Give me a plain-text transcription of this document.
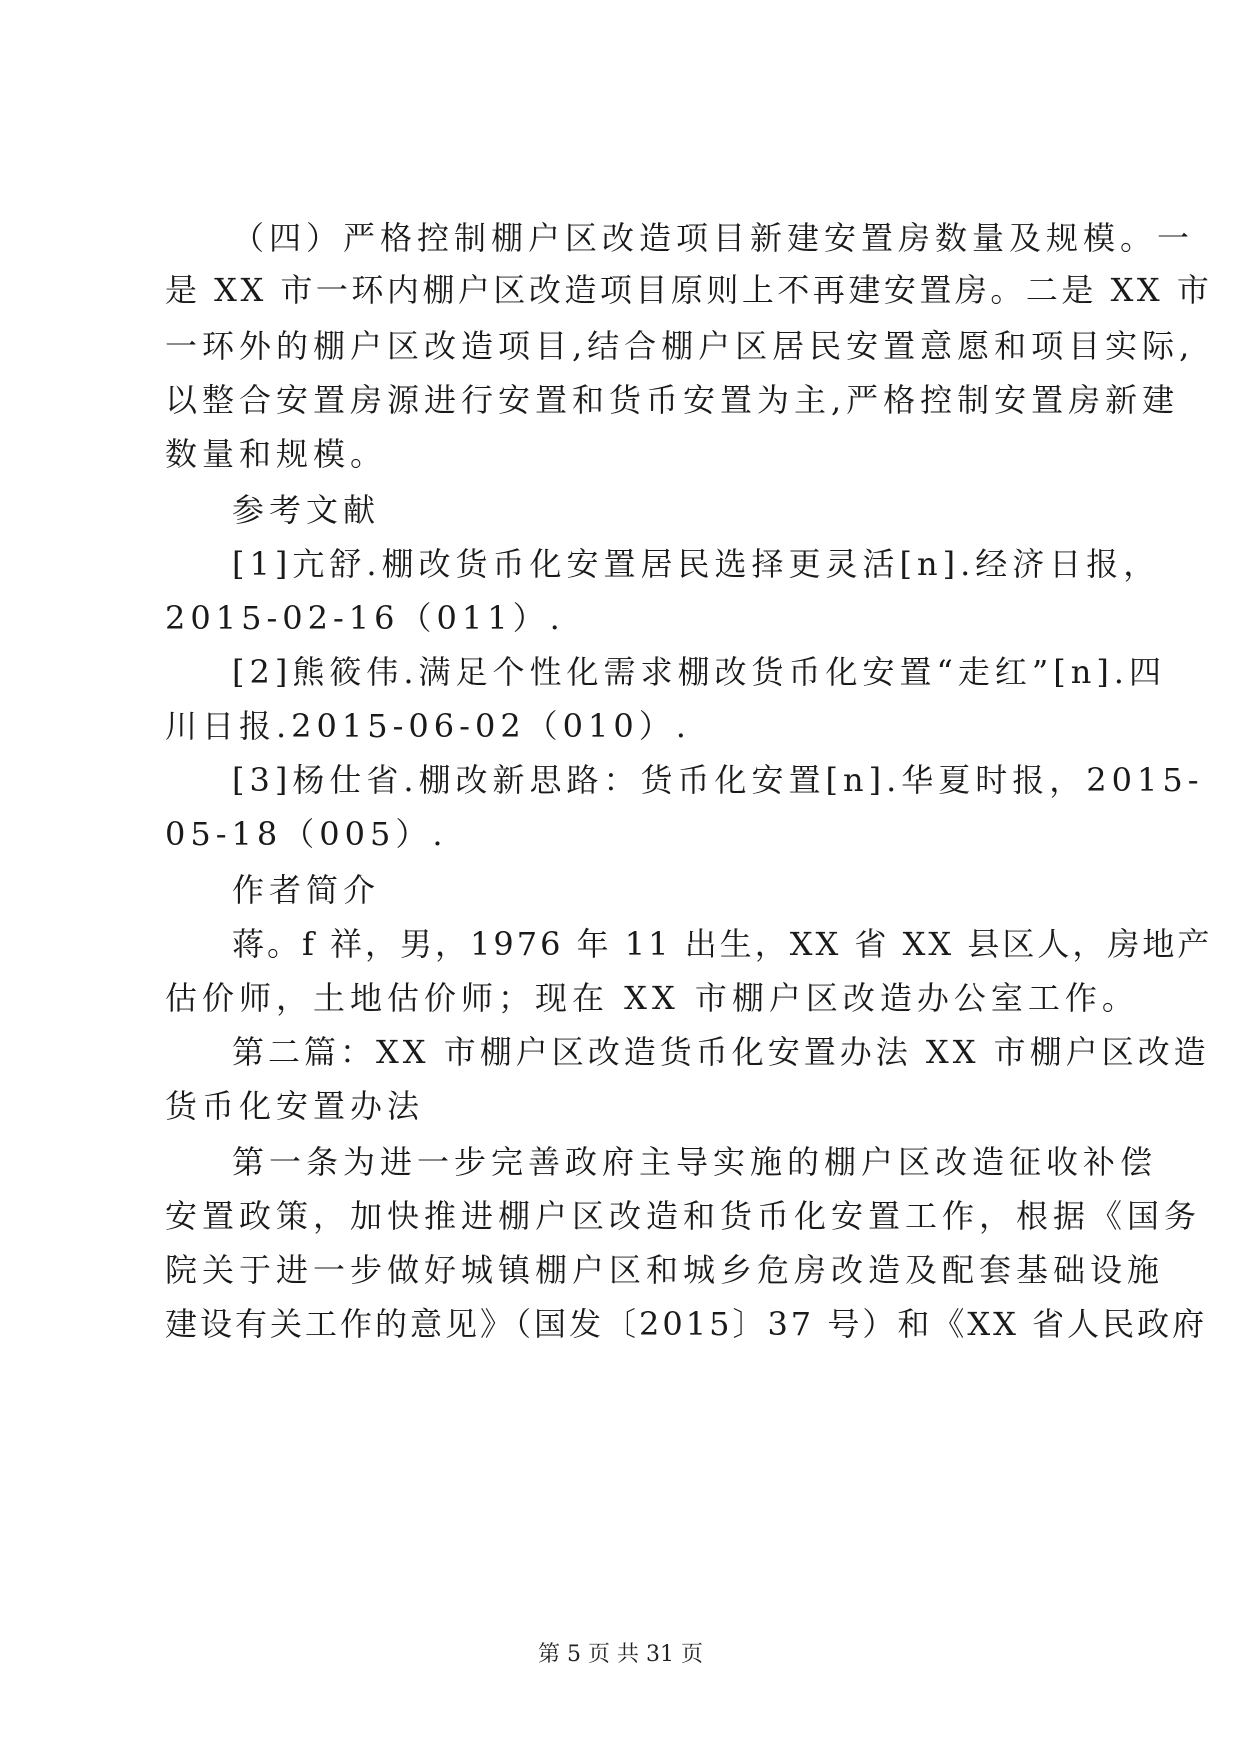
（四）严格控制棚户区改造项目新建安置房数量及规模。一
是 XX 市一环内棚户区改造项目原则上不再建安置房。二是 XX 市
一环外的棚户区改造项目,结合棚户区居民安置意愿和项目实际,
以整合安置房源进行安置和货币安置为主,严格控制安置房新建
数量和规模。
参考文献
[1]亢舒.棚改货币化安置居民选择更灵活[n].经济日报，
2015-02-16（011）.
[2]熊筱伟.满足个性化需求棚改货币化安置“走红”[n].四
川日报.2015-06-02（010）.
[3]杨仕省.棚改新思路：货币化安置[n].华夏时报，2015-
05-18（005）.
作者简介
蒋。f 祥，男，1976 年 11 出生，XX 省 XX 县区人，房地产
估价师，土地估价师；现在 XX 市棚户区改造办公室工作。
第二篇：XX 市棚户区改造货币化安置办法 XX 市棚户区改造
货币化安置办法
第一条为进一步完善政府主导实施的棚户区改造征收补偿
安置政策，加快推进棚户区改造和货币化安置工作，根据《国务
院关于进一步做好城镇棚户区和城乡危房改造及配套基础设施
建设有关工作的意见》（国发〔2015〕37 号）和《XX 省人民政府
第 5 页 共 31 页
